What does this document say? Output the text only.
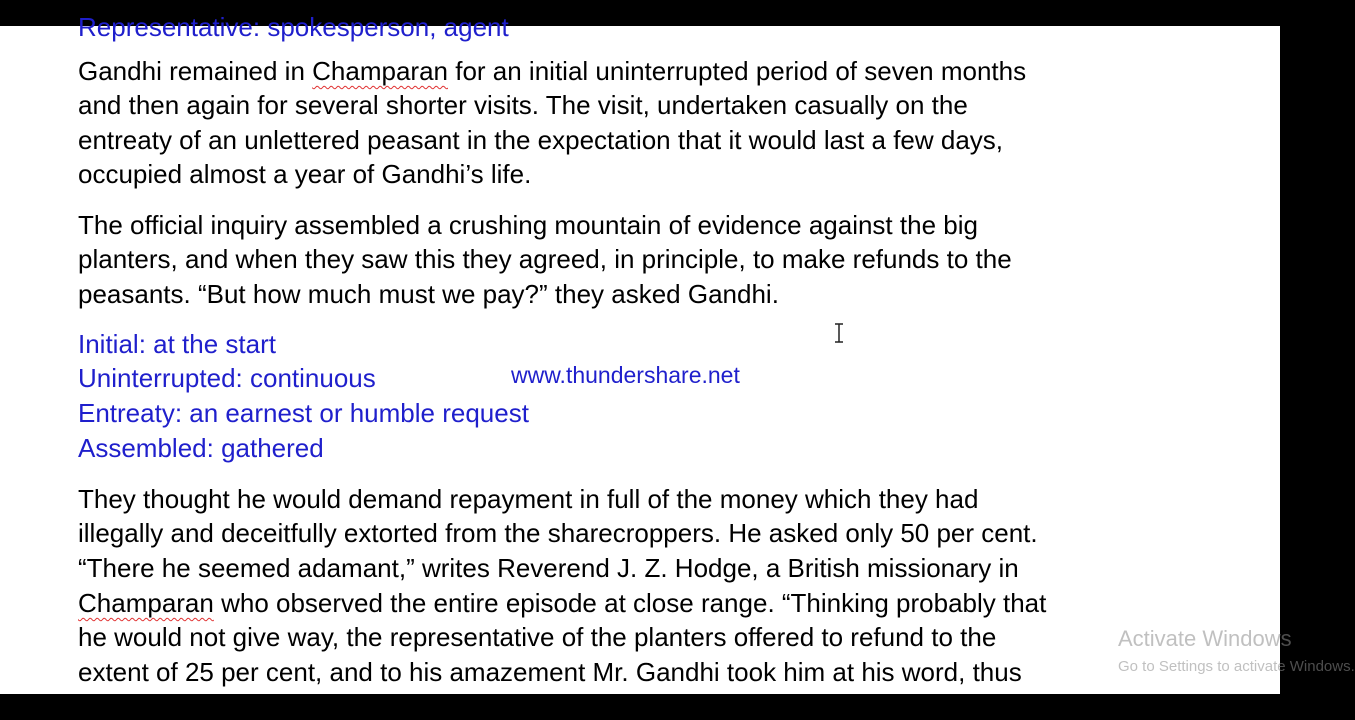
Representative: spokesperson, agent
Gandhi remained in Champaran for an initial uninterrupted period of seven months
and then again for several shorter visits. The visit, undertaken casually on the
entreaty of an unlettered peasant in the expectation that it would last a few days,
occupied almost a year of Gandhi’s life.
The official inquiry assembled a crushing mountain of evidence against the big
planters, and when they saw this they agreed, in principle, to make refunds to the
peasants. “But how much must we pay?” they asked Gandhi.
Initial: at the start
Uninterrupted: continuous
Entreaty: an earnest or humble request
Assembled: gathered
They thought he would demand repayment in full of the money which they had
illegally and deceitfully extorted from the sharecroppers. He asked only 50 per cent.
“There he seemed adamant,” writes Reverend J. Z. Hodge, a British missionary in
Champaran who observed the entire episode at close range. “Thinking probably that
he would not give way, the representative of the planters offered to refund to the
extent of 25 per cent, and to his amazement Mr. Gandhi took him at his word, thus
www.thundershare.net
Activate Windows
Go to Settings to activate Windows.
